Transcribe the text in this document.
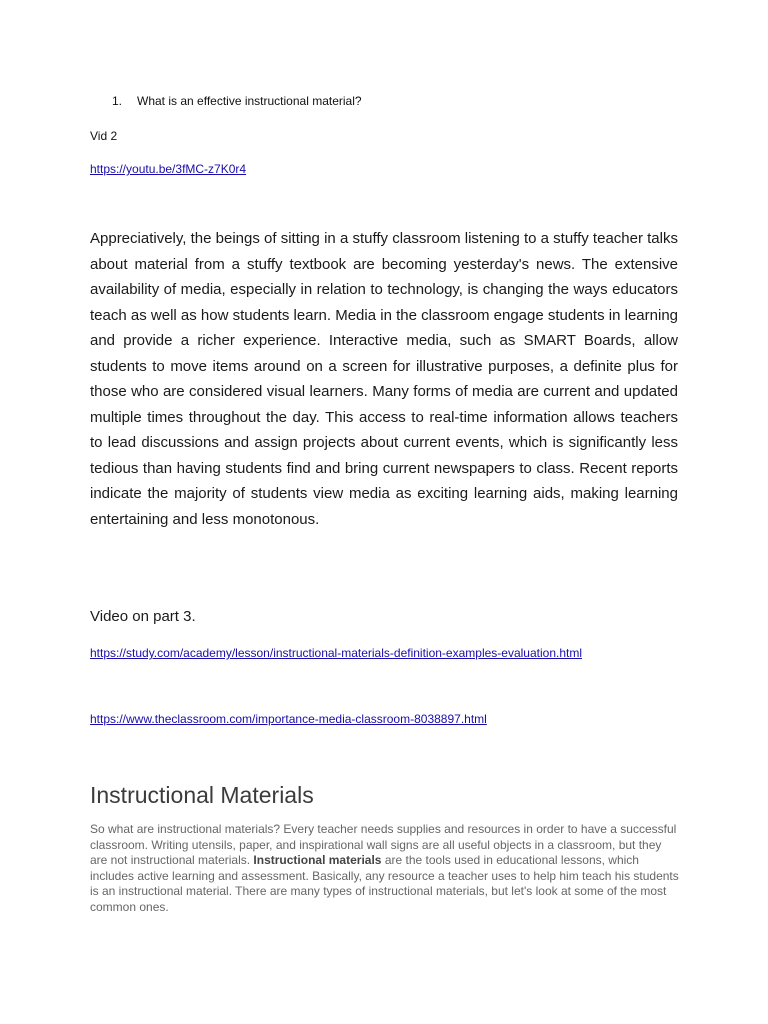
1. What is an effective instructional material?
Vid 2
https://youtu.be/3fMC-z7K0r4

Appreciatively, the beings of sitting in a stuffy classroom listening to a stuffy teacher talks about material from a stuffy textbook are becoming yesterday's news. The extensive availability of media, especially in relation to technology, is changing the ways educators teach as well as how students learn. Media in the classroom engage students in learning and provide a richer experience. Interactive media, such as SMART Boards, allow students to move items around on a screen for illustrative purposes, a definite plus for those who are considered visual learners. Many forms of media are current and updated multiple times throughout the day. This access to real-time information allows teachers to lead discussions and assign projects about current events, which is significantly less tedious than having students find and bring current newspapers to class. Recent reports indicate the majority of students view media as exciting learning aids, making learning entertaining and less monotonous.

Video on part 3.
https://study.com/academy/lesson/instructional-materials-definition-examples-evaluation.html
https://www.theclassroom.com/importance-media-classroom-8038897.html
Instructional Materials

So what are instructional materials? Every teacher needs supplies and resources in order to have a successful classroom. Writing utensils, paper, and inspirational wall signs are all useful objects in a classroom, but they are not instructional materials. Instructional materials are the tools used in educational lessons, which includes active learning and assessment. Basically, any resource a teacher uses to help him teach his students is an instructional material. There are many types of instructional materials, but let's look at some of the most common ones.
